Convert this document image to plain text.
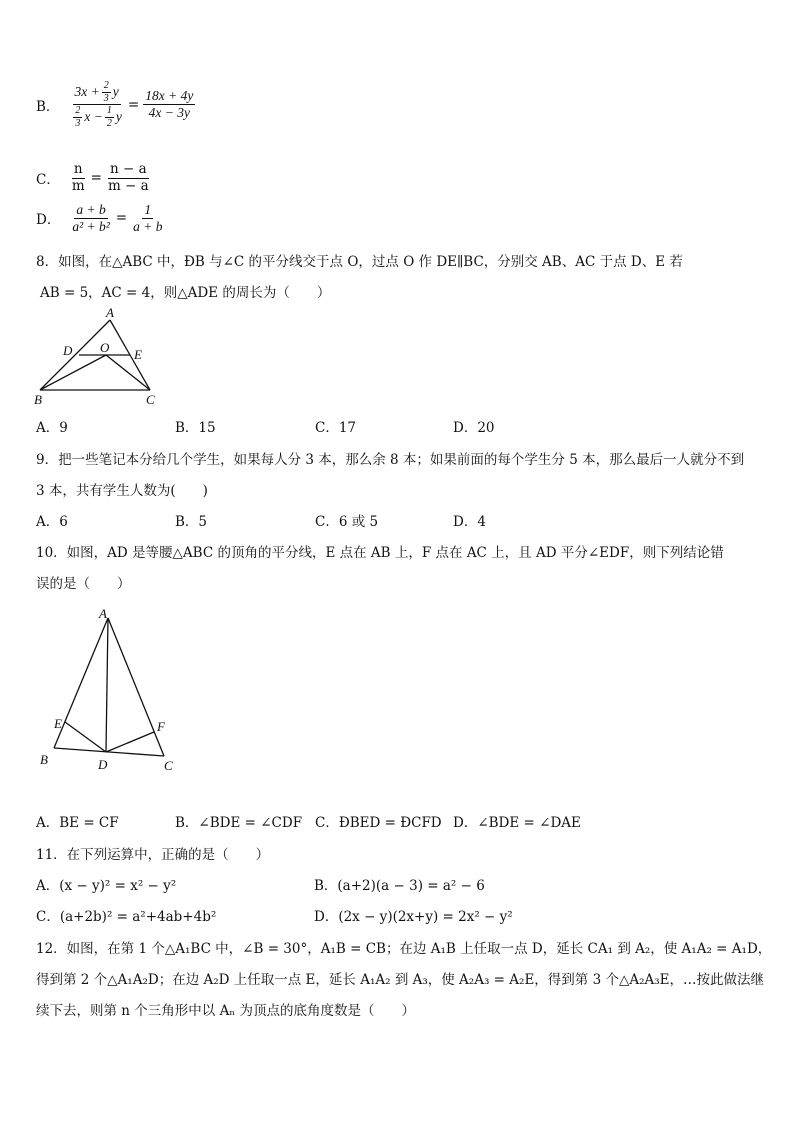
B． $\frac{3x + \frac{2}{3} y}{\frac{2}{3} x - \frac{1}{2} y} = \frac{18x + 4y}{4x - 3y}$
C． $\frac{n}{m} = \frac{n - a}{m - a}$
D． $\frac{a + b}{\text{a² + b²}} = \frac{1}{a + b}$
8．如图，在△ABC 中，ĐB 与∠C 的平分线交于点 O，过点 O 作 DE∥BC，分别交 AB、AC 于点 D、E 若
AB = 5，AC = 4，则△ADE 的周长为（　　）
A
D O E
B	C
A．9	B．15	C．17	D．20
9．把一些笔记本分给几个学生，如果每人分 3 本，那么余 8 本；如果前面的每个学生分 5 本，那么最后一人就分不到
3 本，共有学生人数为(　　)
A．6	B．5	C．6 或 5	D．4
10．如图，AD 是等腰△ABC 的顶角的平分线，E 点在 AB 上，F 点在 AC 上，且 AD 平分∠EDF，则下列结论错
误的是（　　）
A
E	F
B	D	C
A．BE = CF	B．∠BDE = ∠CDF C．ĐBED = ĐCFD D．∠BDE = ∠DAE
11．在下列运算中，正确的是（　　）
A．(x − y)² = x² − y²	B．(a+2)(a − 3) = a² − 6
C．(a+2b)² = a²+4ab+4b²	D．(2x − y)(2x+y) = 2x² − y²
12．如图，在第 1 个△A₁BC 中，∠B = 30°，A₁B = CB；在边 A₁B 上任取一点 D，延长 CA₁ 到 A₂，使 A₁A₂ = A₁D，
得到第 2 个△A₁A₂D；在边 A₂D 上任取一点 E，延长 A₁A₂ 到 A₃，使 A₂A₃ = A₂E，得到第 3 个△A₂A₃E，…按此做法继
续下去，则第 n 个三角形中以 Aₙ 为顶点的底角度数是（　　）
